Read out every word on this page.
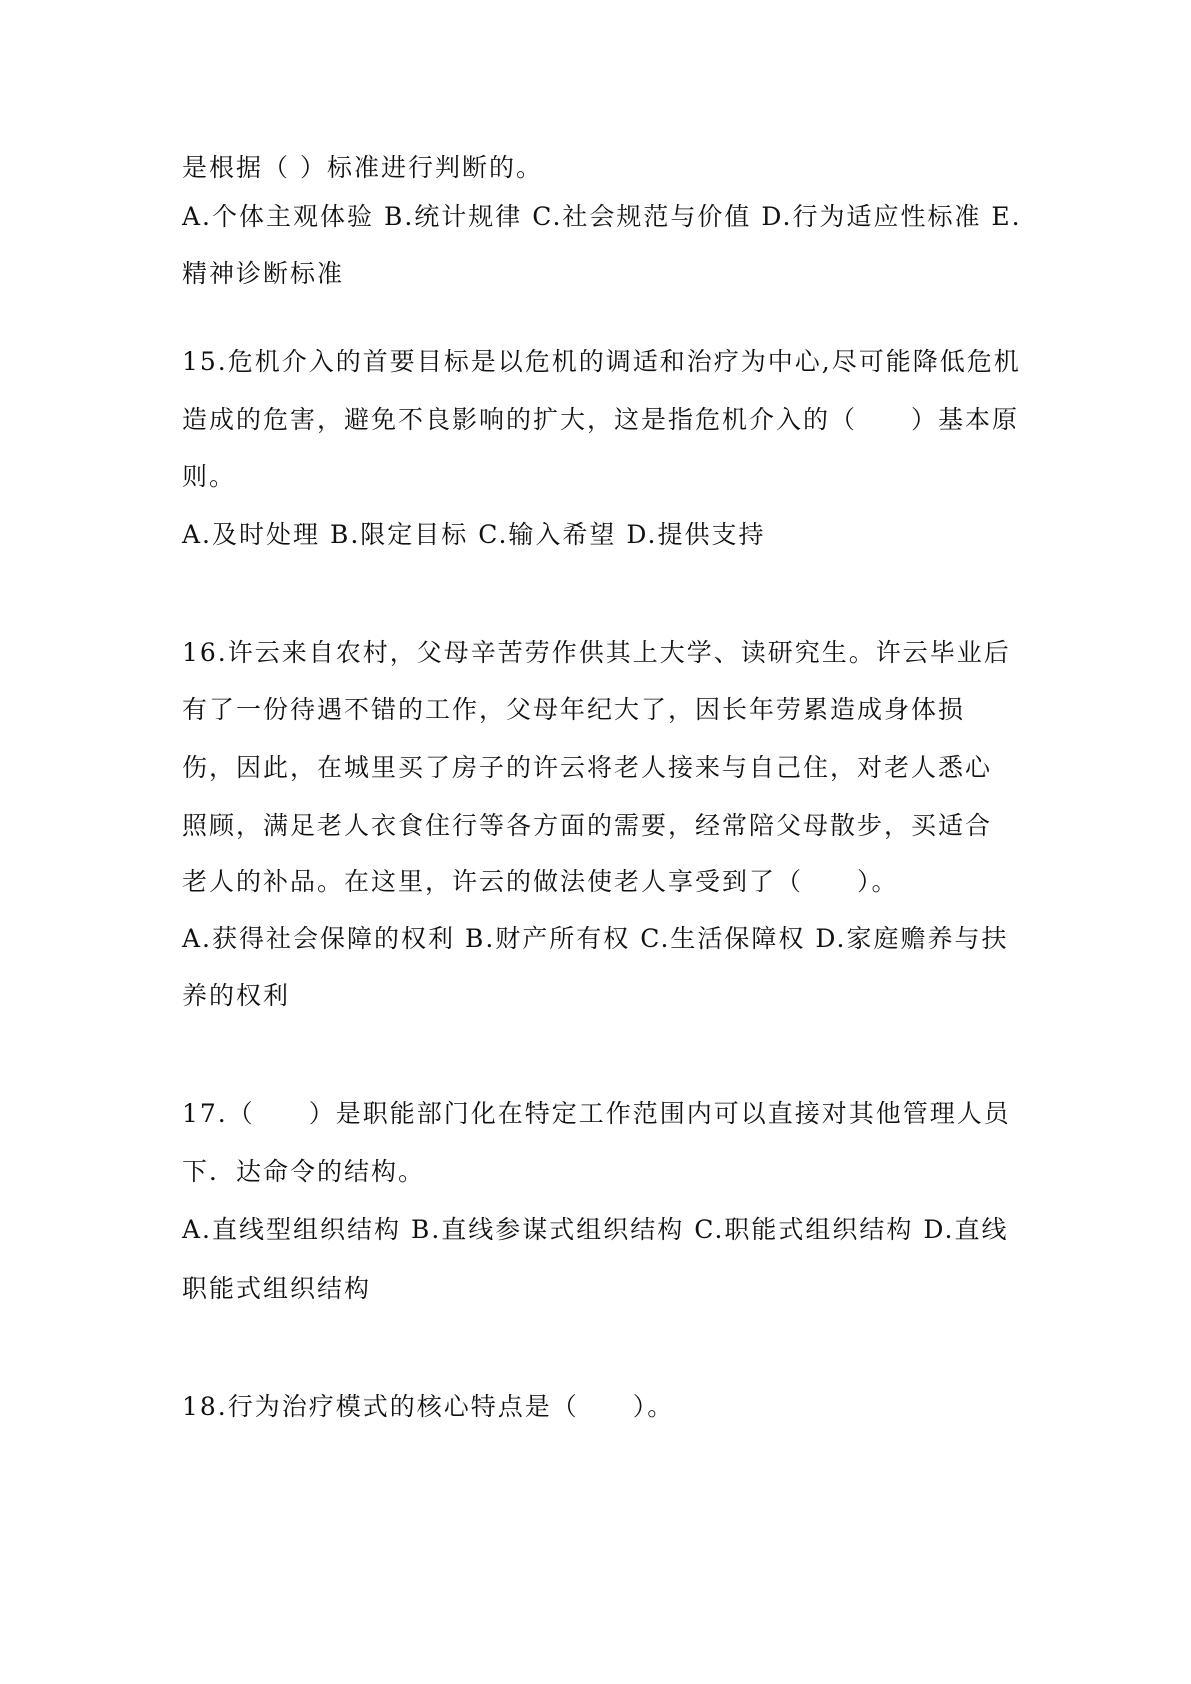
是根据（ ）标准进行判断的。
A.个体主观体验 B.统计规律 C.社会规范与价值 D.行为适应性标准 E.
精神诊断标准
15.危机介入的首要目标是以危机的调适和治疗为中心,尽可能降低危机
造成的危害，避免不良影响的扩大，这是指危机介入的（　　）基本原
则。
A.及时处理 B.限定目标 C.输入希望 D.提供支持
16.许云来自农村，父母辛苦劳作供其上大学、读研究生。许云毕业后
有了一份待遇不错的工作，父母年纪大了，因长年劳累造成身体损
伤，因此，在城里买了房子的许云将老人接来与自己住，对老人悉心
照顾，满足老人衣食住行等各方面的需要，经常陪父母散步，买适合
老人的补品。在这里，许云的做法使老人享受到了（　　）。
A.获得社会保障的权利 B.财产所有权 C.生活保障权 D.家庭赡养与扶
养的权利
17.（　　）是职能部门化在特定工作范围内可以直接对其他管理人员
下．达命令的结构。
A.直线型组织结构 B.直线参谋式组织结构 C.职能式组织结构 D.直线
职能式组织结构
18.行为治疗模式的核心特点是（　　）。
